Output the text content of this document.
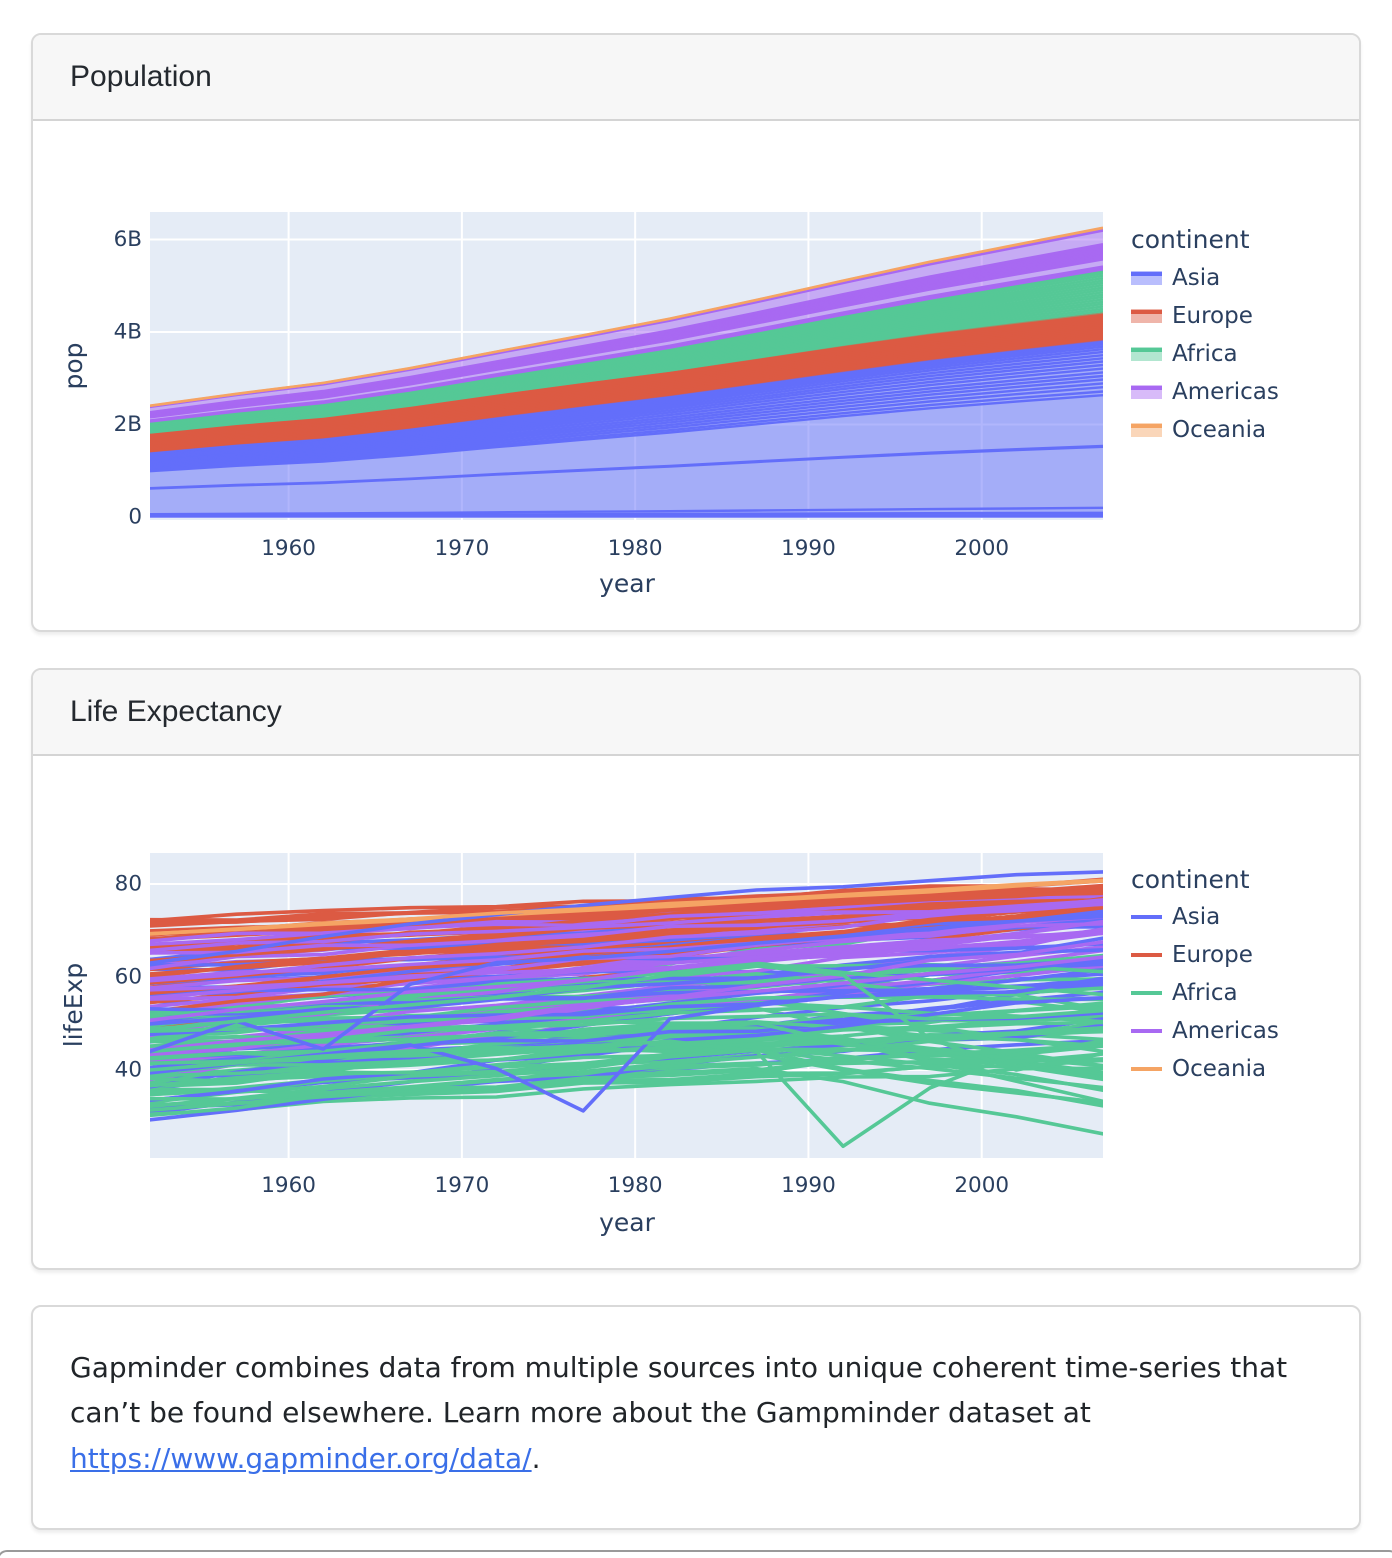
Population
Life Expectancy
Gapminder combines data from multiple sources into unique coherent time-series that can’t be found elsewhere. Learn more about the Gampminder dataset at https://www.gapminder.org/data/.
0
2B
4B
6B
1960	1970	1980	1990	2000
pop
year
continent
Asia
Europe
Africa
Americas
Oceania
40
60
80
1960	1970	1980	1990	2000
lifeExp
year
continent
Asia
Europe
Africa
Americas
Oceania
